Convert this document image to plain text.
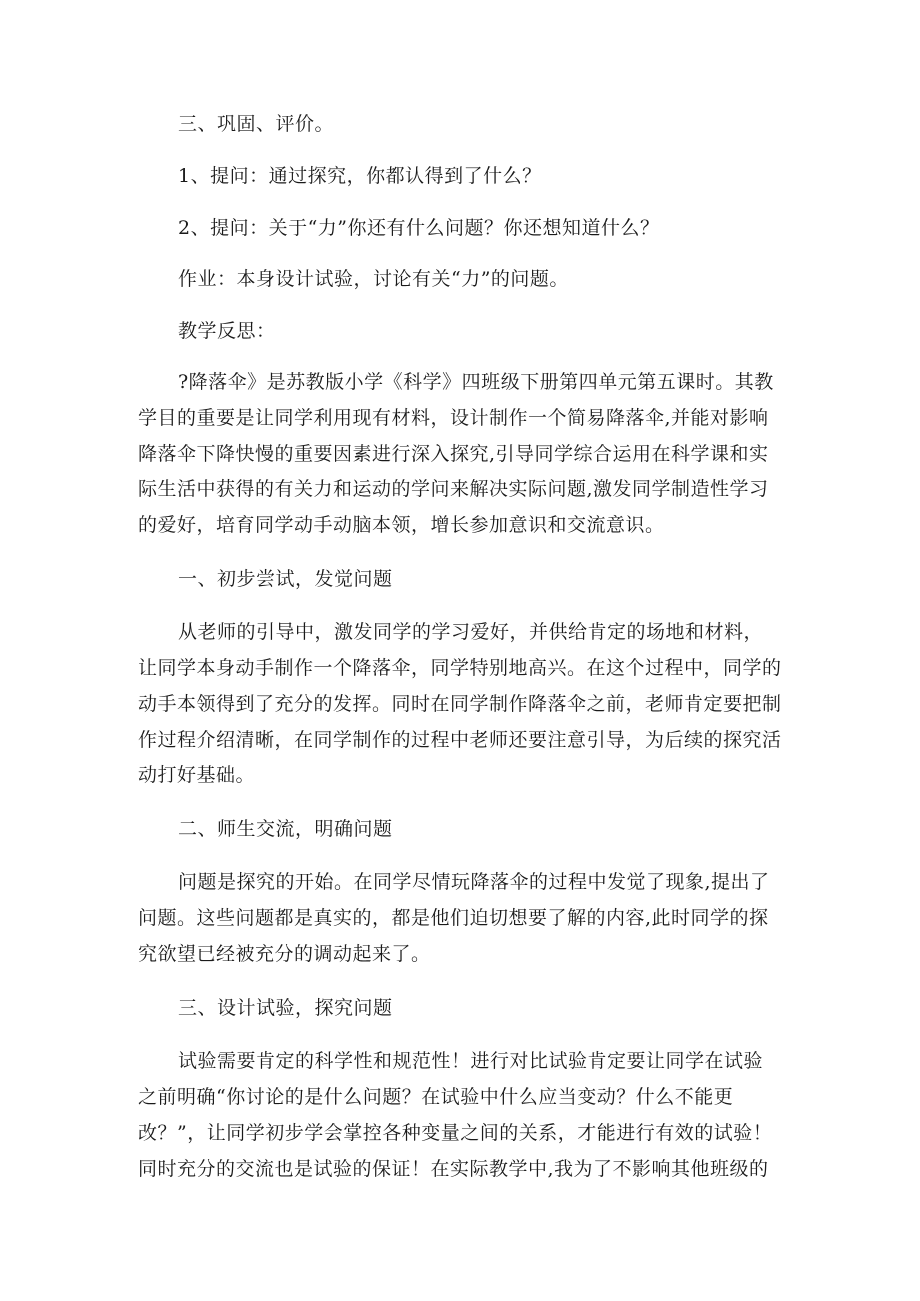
三、巩固、评价。
1、提问：通过探究，你都认得到了什么？
2、提问：关于“力”你还有什么问题？你还想知道什么？
作业：本身设计试验，讨论有关“力”的问题。
教学反思：
?降落伞》是苏教版小学《科学》四班级下册第四单元第五课时。其教
学目的重要是让同学利用现有材料，设计制作一个简易降落伞,并能对影响
降落伞下降快慢的重要因素进行深入探究,引导同学综合运用在科学课和实
际生活中获得的有关力和运动的学问来解决实际问题,激发同学制造性学习
的爱好，培育同学动手动脑本领，增长参加意识和交流意识。
一、初步尝试，发觉问题
从老师的引导中，激发同学的学习爱好，并供给肯定的场地和材料，
让同学本身动手制作一个降落伞，同学特别地高兴。在这个过程中，同学的
动手本领得到了充分的发挥。同时在同学制作降落伞之前，老师肯定要把制
作过程介绍清晰，在同学制作的过程中老师还要注意引导，为后续的探究活
动打好基础。
二、师生交流，明确问题
问题是探究的开始。在同学尽情玩降落伞的过程中发觉了现象,提出了
问题。这些问题都是真实的，都是他们迫切想要了解的内容,此时同学的探
究欲望已经被充分的调动起来了。
三、设计试验，探究问题
试验需要肯定的科学性和规范性！进行对比试验肯定要让同学在试验
之前明确“你讨论的是什么问题？在试验中什么应当变动？什么不能更
改？”，让同学初步学会掌控各种变量之间的关系，才能进行有效的试验！
同时充分的交流也是试验的保证！在实际教学中,我为了不影响其他班级的
